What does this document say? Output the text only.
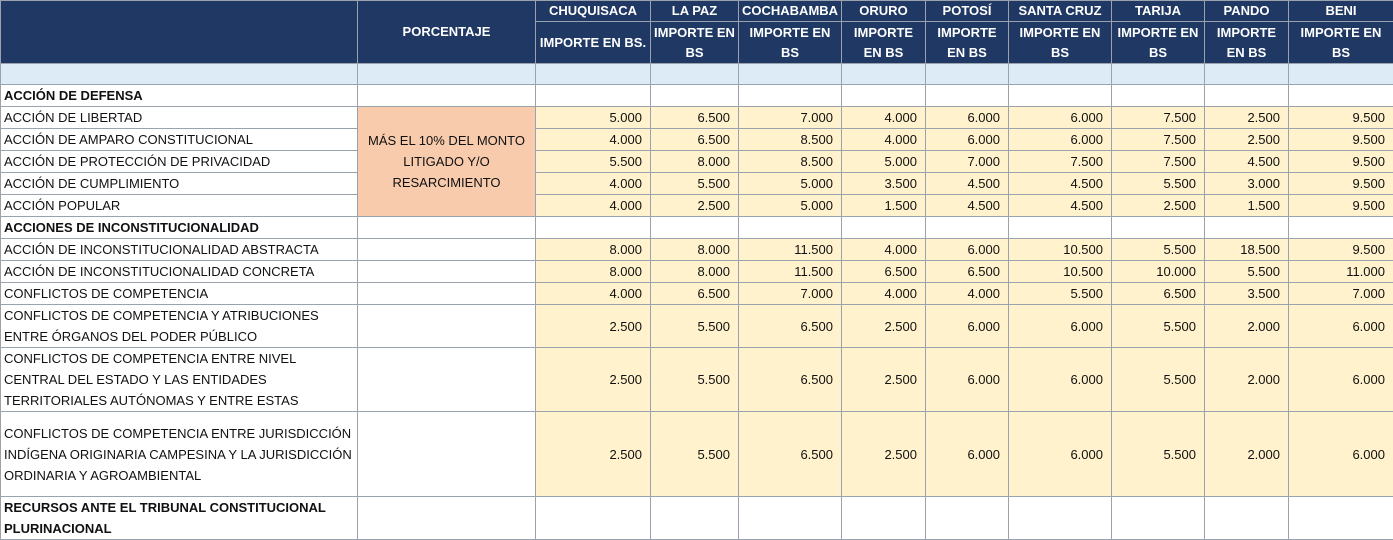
	PORCENTAJE	CHUQUISACA	LA PAZ	COCHABAMBA	ORURO	POTOSÍ	SANTA CRUZ	TARIJA	PANDO	BENI
		IMPORTE EN BS.	IMPORTE EN BS	IMPORTE EN BS	IMPORTE EN BS	IMPORTE EN BS	IMPORTE EN BS	IMPORTE EN BS	IMPORTE EN BS	IMPORTE EN BS

ACCIÓN DE DEFENSA										
ACCIÓN DE LIBERTAD	MÁS EL 10% DEL MONTO LITIGADO Y/O RESARCIMIENTO	5.000	6.500	7.000	4.000	6.000	6.000	7.500	2.500	9.500
ACCIÓN DE AMPARO CONSTITUCIONAL		4.000	6.500	8.500	4.000	6.000	6.000	7.500	2.500	9.500
ACCIÓN DE PROTECCIÓN DE PRIVACIDAD		5.500	8.000	8.500	5.000	7.000	7.500	7.500	4.500	9.500
ACCIÓN DE CUMPLIMIENTO		4.000	5.500	5.000	3.500	4.500	4.500	5.500	3.000	9.500
ACCIÓN POPULAR		4.000	2.500	5.000	1.500	4.500	4.500	2.500	1.500	9.500
ACCIONES DE INCONSTITUCIONALIDAD										
ACCIÓN DE INCONSTITUCIONALIDAD ABSTRACTA		8.000	8.000	11.500	4.000	6.000	10.500	5.500	18.500	9.500
ACCIÓN DE INCONSTITUCIONALIDAD CONCRETA		8.000	8.000	11.500	6.500	6.500	10.500	10.000	5.500	11.000
CONFLICTOS DE COMPETENCIA		4.000	6.500	7.000	4.000	4.000	5.500	6.500	3.500	7.000
CONFLICTOS DE COMPETENCIA Y ATRIBUCIONES ENTRE ÓRGANOS DEL PODER PÚBLICO		2.500	5.500	6.500	2.500	6.000	6.000	5.500	2.000	6.000
CONFLICTOS DE COMPETENCIA ENTRE NIVEL CENTRAL DEL ESTADO Y LAS ENTIDADES TERRITORIALES AUTÓNOMAS Y ENTRE ESTAS		2.500	5.500	6.500	2.500	6.000	6.000	5.500	2.000	6.000
CONFLICTOS DE COMPETENCIA ENTRE JURISDICCIÓN INDÍGENA ORIGINARIA CAMPESINA Y LA JURISDICCIÓN ORDINARIA Y AGROAMBIENTAL		2.500	5.500	6.500	2.500	6.000	6.000	5.500	2.000	6.000
RECURSOS ANTE EL TRIBUNAL CONSTITUCIONAL PLURINACIONAL										
